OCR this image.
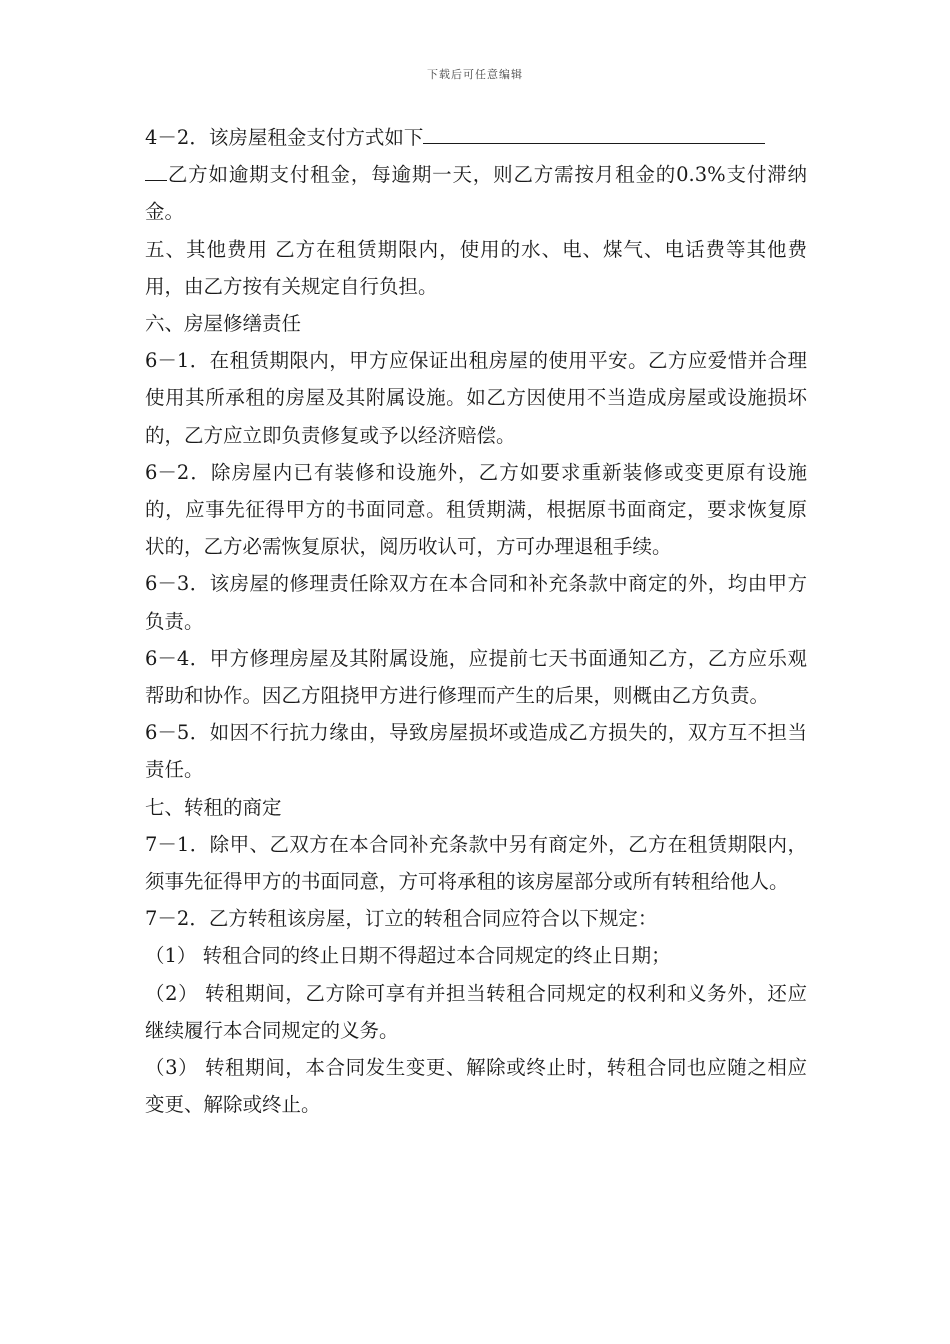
下载后可任意编辑

4－2．该房屋租金支付方式如下

乙方如逾期支付租金，每逾期一天，则乙方需按月租金的0.3%支付滞纳金。

五、其他费用 乙方在租赁期限内，使用的水、电、煤气、电话费等其他费用，由乙方按有关规定自行负担。

六、房屋修缮责任

6－1．在租赁期限内，甲方应保证出租房屋的使用平安。乙方应爱惜并合理使用其所承租的房屋及其附属设施。如乙方因使用不当造成房屋或设施损坏的，乙方应立即负责修复或予以经济赔偿。

6－2．除房屋内已有装修和设施外，乙方如要求重新装修或变更原有设施的，应事先征得甲方的书面同意。租赁期满，根据原书面商定，要求恢复原状的，乙方必需恢复原状，阅历收认可，方可办理退租手续。

6－3．该房屋的修理责任除双方在本合同和补充条款中商定的外，均由甲方负责。

6－4．甲方修理房屋及其附属设施，应提前七天书面通知乙方，乙方应乐观帮助和协作。因乙方阻挠甲方进行修理而产生的后果，则概由乙方负责。

6－5．如因不行抗力缘由，导致房屋损坏或造成乙方损失的，双方互不担当责任。

七、转租的商定

7－1．除甲、乙双方在本合同补充条款中另有商定外，乙方在租赁期限内，须事先征得甲方的书面同意，方可将承租的该房屋部分或所有转租给他人。

7－2．乙方转租该房屋，订立的转租合同应符合以下规定：

（1） 转租合同的终止日期不得超过本合同规定的终止日期；

（2） 转租期间，乙方除可享有并担当转租合同规定的权利和义务外，还应继续履行本合同规定的义务。

（3） 转租期间，本合同发生变更、解除或终止时，转租合同也应随之相应变更、解除或终止。
